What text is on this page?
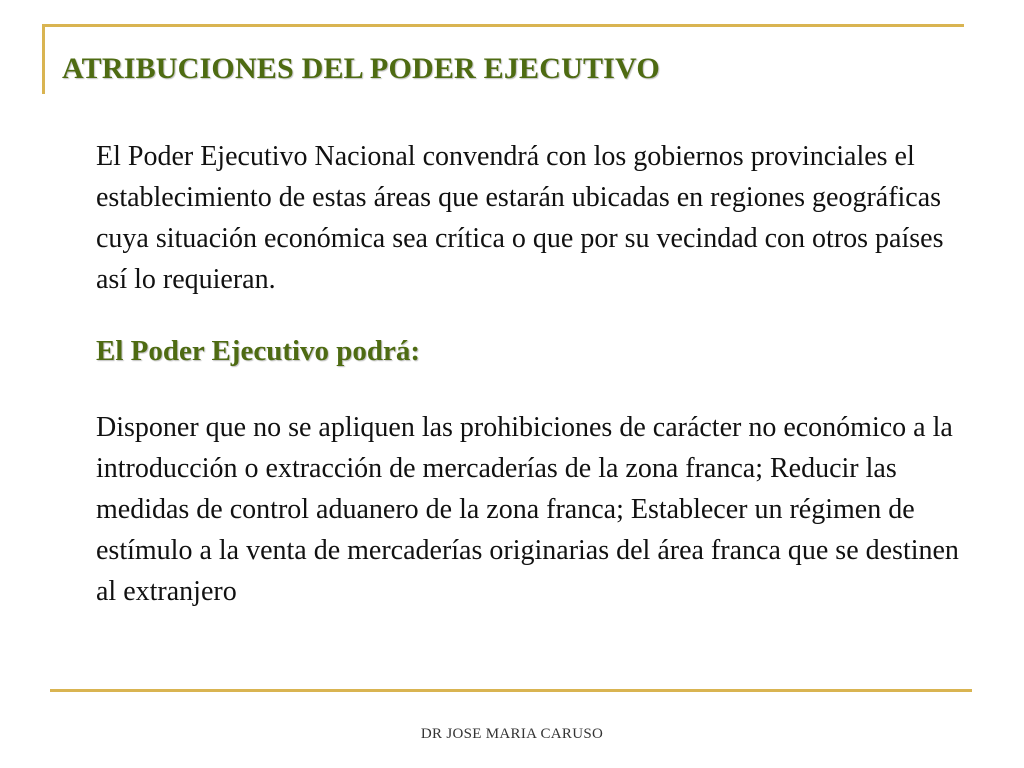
ATRIBUCIONES DEL PODER EJECUTIVO

El Poder Ejecutivo Nacional convendrá con los gobiernos provinciales el establecimiento de estas áreas que estarán ubicadas en regiones geográficas cuya situación económica sea crítica o que por su vecindad con otros países así lo requieran.

El Poder Ejecutivo podrá:

Disponer que no se apliquen las prohibiciones de carácter no económico a la introducción o extracción de mercaderías de la zona franca; Reducir las medidas de control aduanero de la zona franca; Establecer un régimen de estímulo a la venta de mercaderías originarias del área franca que se destinen al extranjero

DR JOSE MARIA CARUSO
